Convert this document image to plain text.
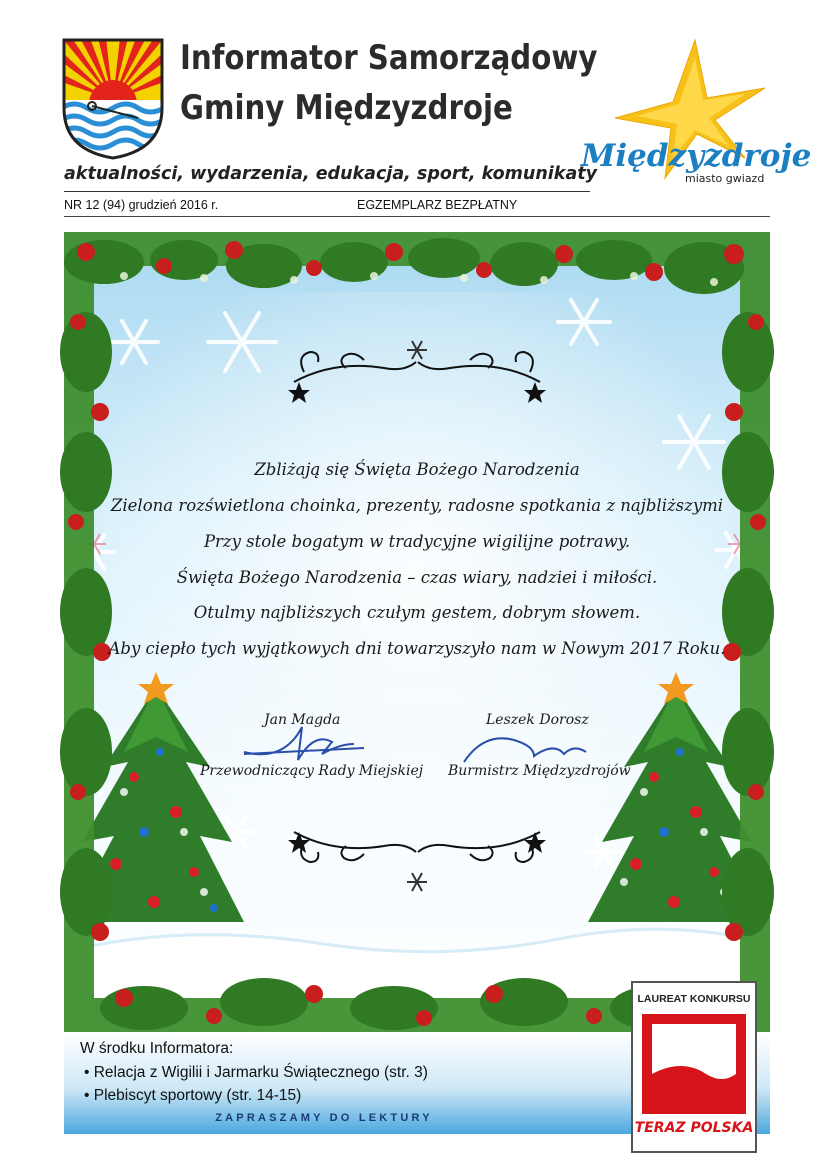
Informator Samorządowy
Gminy Międzyzdroje
Międzyzdroje
miasto gwiazd
aktualności, wydarzenia, edukacja, sport, komunikaty
NR 12 (94) grudzień 2016 r.	EGZEMPLARZ BEZPŁATNY
Zbliżają się Święta Bożego Narodzenia
Zielona rozświetlona choinka, prezenty, radosne spotkania z najbliższymi
Przy stole bogatym w tradycyjne wigilijne potrawy.
Święta Bożego Narodzenia – czas wiary, nadziei i miłości.
Otulmy najbliższych czułym gestem, dobrym słowem.
Aby ciepło tych wyjątkowych dni towarzyszyło nam w Nowym 2017 Roku.
Jan Magda
Przewodniczący Rady Miejskiej
Leszek Dorosz
Burmistrz Międzyzdrojów
W środku Informatora:
• Relacja z Wigilii i Jarmarku Świątecznego (str. 3)
• Plebiscyt sportowy (str. 14-15)
ZAPRASZAMY DO LEKTURY
LAUREAT KONKURSU
TERAZ POLSKA
